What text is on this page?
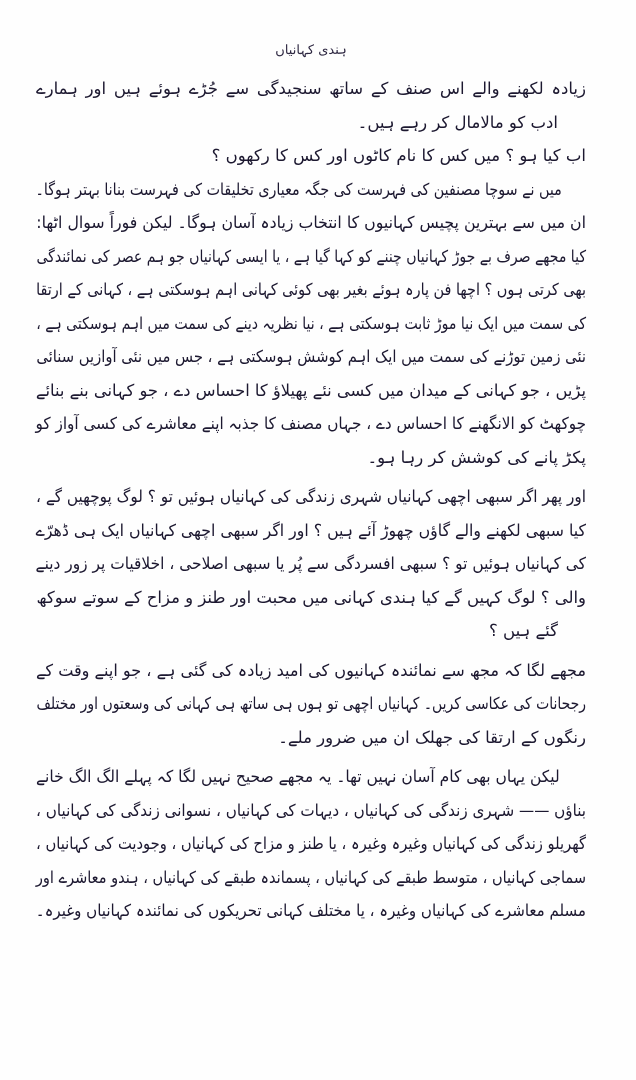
ہندی کہانیاں
زیادہ لکھنے والے اس صنف کے ساتھ سنجیدگی سے جُڑے ہوئے ہیں اور ہمارے
ادب کو مالامال کر رہے ہیں۔
اب کیا ہو ؟ میں کس کا نام کاٹوں اور کس کا رکھوں ؟
میں نے سوچا مصنفین کی فہرست کی جگہ معیاری تخلیقات کی فہرست بنانا بہتر ہوگا۔
ان میں سے بہترین پچیس کہانیوں کا انتخاب زیادہ آسان ہوگا۔ لیکن فوراً سوال اٹھا:
کیا مجھے صرف بے جوڑ کہانیاں چننے کو کہا گیا ہے ، یا ایسی کہانیاں جو ہم عصر کی نمائندگی
بھی کرتی ہوں ؟ اچھا فن پارہ ہوئے بغیر بھی کوئی کہانی اہم ہوسکتی ہے ، کہانی کے ارتقا
کی سمت میں ایک نیا موڑ ثابت ہوسکتی ہے ، نیا نظریہ دینے کی سمت میں اہم ہوسکتی ہے ،
نئی زمین توڑنے کی سمت میں ایک اہم کوشش ہوسکتی ہے ، جس میں نئی آوازیں سنائی
پڑیں ، جو کہانی کے میدان میں کسی نئے پھیلاؤ کا احساس دے ، جو کہانی بنے بنائے
چوکھٹ کو الانگھنے کا احساس دے ، جہاں مصنف کا جذبہ اپنے معاشرے کی کسی آواز کو
پکڑ پانے کی کوشش کر رہا ہو۔
اور پھر اگر سبھی اچھی کہانیاں شہری زندگی کی کہانیاں ہوئیں تو ؟ لوگ پوچھیں گے ،
کیا سبھی لکھنے والے گاؤں چھوڑ آئے ہیں ؟ اور اگر سبھی اچھی کہانیاں ایک ہی ڈھرّے
کی کہانیاں ہوئیں تو ؟ سبھی افسردگی سے پُر یا سبھی اصلاحی ، اخلاقیات پر زور دینے
والی ؟ لوگ کہیں گے کیا ہندی کہانی میں محبت اور طنز و مزاح کے سوتے سوکھ
گئے ہیں ؟
مجھے لگا کہ مجھ سے نمائندہ کہانیوں کی امید زیادہ کی گئی ہے ، جو اپنے وقت کے
رجحانات کی عکاسی کریں۔ کہانیاں اچھی تو ہوں ہی ساتھ ہی کہانی کی وسعتوں اور مختلف
رنگوں کے ارتقا کی جھلک ان میں ضرور ملے۔
لیکن یہاں بھی کام آسان نہیں تھا۔ یہ مجھے صحیح نہیں لگا کہ پہلے الگ الگ خانے
بناؤں —— شہری زندگی کی کہانیاں ، دیہات کی کہانیاں ، نسوانی زندگی کی کہانیاں ،
گھریلو زندگی کی کہانیاں وغیرہ وغیرہ ، یا طنز و مزاح کی کہانیاں ، وجودیت کی کہانیاں ،
سماجی کہانیاں ، متوسط طبقے کی کہانیاں ، پسماندہ طبقے کی کہانیاں ، ہندو معاشرے اور
مسلم معاشرے کی کہانیاں وغیرہ ، یا مختلف کہانی تحریکوں کی نمائندہ کہانیاں وغیرہ۔
